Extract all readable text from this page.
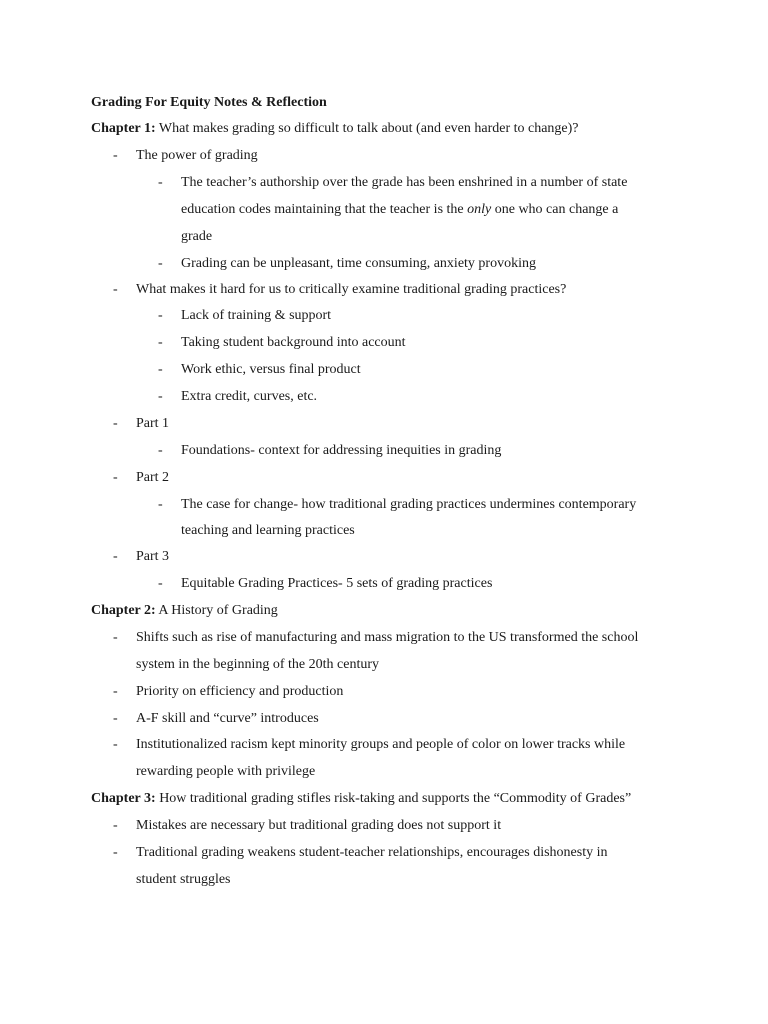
Grading For Equity Notes & Reflection
Chapter 1: What makes grading so difficult to talk about (and even harder to change)?
- The power of grading
- The teacher’s authorship over the grade has been enshrined in a number of state
education codes maintaining that the teacher is the only one who can change a
grade
- Grading can be unpleasant, time consuming, anxiety provoking
- What makes it hard for us to critically examine traditional grading practices?
- Lack of training & support
- Taking student background into account
- Work ethic, versus final product
- Extra credit, curves, etc.
- Part 1
- Foundations- context for addressing inequities in grading
- Part 2
- The case for change- how traditional grading practices undermines contemporary
teaching and learning practices
- Part 3
- Equitable Grading Practices- 5 sets of grading practices
Chapter 2: A History of Grading
- Shifts such as rise of manufacturing and mass migration to the US transformed the school
system in the beginning of the 20th century
- Priority on efficiency and production
- A-F skill and “curve” introduces
- Institutionalized racism kept minority groups and people of color on lower tracks while
rewarding people with privilege
Chapter 3: How traditional grading stifles risk-taking and supports the “Commodity of Grades”
- Mistakes are necessary but traditional grading does not support it
- Traditional grading weakens student-teacher relationships, encourages dishonesty in
student struggles
